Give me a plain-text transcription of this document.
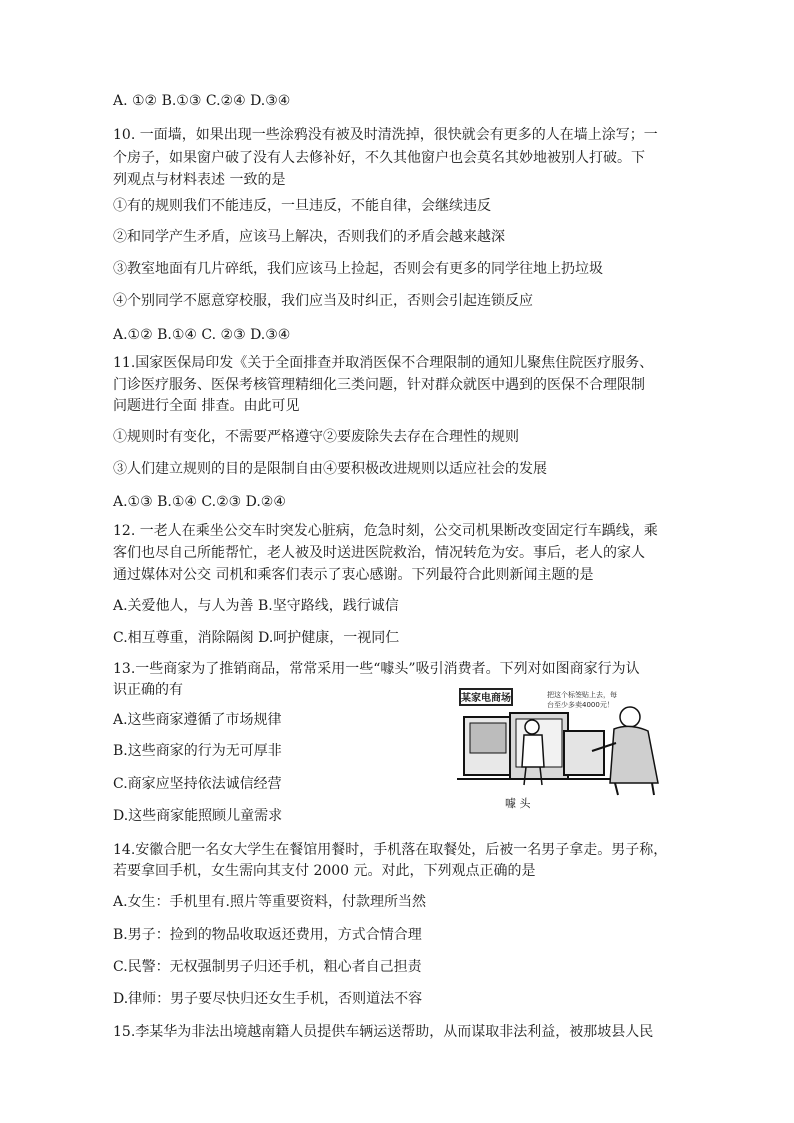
A. ①② B.①③ C.②④ D.③④
10. 一面墙，如果出现一些涂鸦没有被及时清洗掉，很快就会有更多的人在墙上涂写；一
个房子，如果窗户破了没有人去修补好，不久其他窗户也会莫名其妙地被别人打破。下
列观点与材料表述 一致的是
①有的规则我们不能违反，一旦违反，不能自律，会继续违反
②和同学产生矛盾，应该马上解决，否则我们的矛盾会越来越深
③教室地面有几片碎纸，我们应该马上捡起，否则会有更多的同学往地上扔垃圾
④个别同学不愿意穿校服，我们应当及时纠正，否则会引起连锁反应
A.①② B.①④ C. ②③ D.③④
11.国家医保局印发《关于全面排查并取消医保不合理限制的通知儿聚焦住院医疗服务、
门诊医疗服务、医保考核管理精细化三类问题，针对群众就医中遇到的医保不合理限制
问题进行全面 排查。由此可见
①规则时有变化，不需要严格遵守②要废除失去存在合理性的规则
③人们建立规则的目的是限制自由④要积极改进规则以适应社会的发展
A.①③ B.①④ C.②③ D.②④
12. 一老人在乘坐公交车时突发心脏病，危急时刻，公交司机果断改变固定行车踽线，乘
客们也尽自己所能帮忙，老人被及时送进医院救治，情况转危为安。事后，老人的家人
通过媒体对公交 司机和乘客们表示了衷心感谢。下列最符合此则新闻主题的是
A.关爱他人，与人为善 B.坚守路线，践行诚信
C.相互尊重，消除隔阂 D.呵护健康，一视同仁
13.一些商家为了推销商品，常常采用一些“噱头”吸引消费者。下列对如图商家行为认
识正确的有
A.这些商家遵循了市场规律
B.这些商家的行为无可厚非
C.商家应坚持依法诚信经营
D.这些商家能照顾儿童需求
14.安徽合肥一名女大学生在餐馆用餐时，手机落在取餐处，后被一名男子拿走。男子称，
若要拿回手机，女生需向其支付 2000 元。对此，下列观点正确的是
A.女生：手机里有.照片等重要资料，付款理所当然
B.男子：捡到的物品收取返还费用，方式合情合理
C.民警：无权强制男子归还手机，粗心者自己担责
D.律师：男子要尽快归还女生手机，否则道法不容
15.李某华为非法出境越南籍人员提供车辆运送帮助，从而谋取非法利益，被那坡县人民
某家电商场	把这个标签贴上去，每
台至少多卖4000元！
噱 头
